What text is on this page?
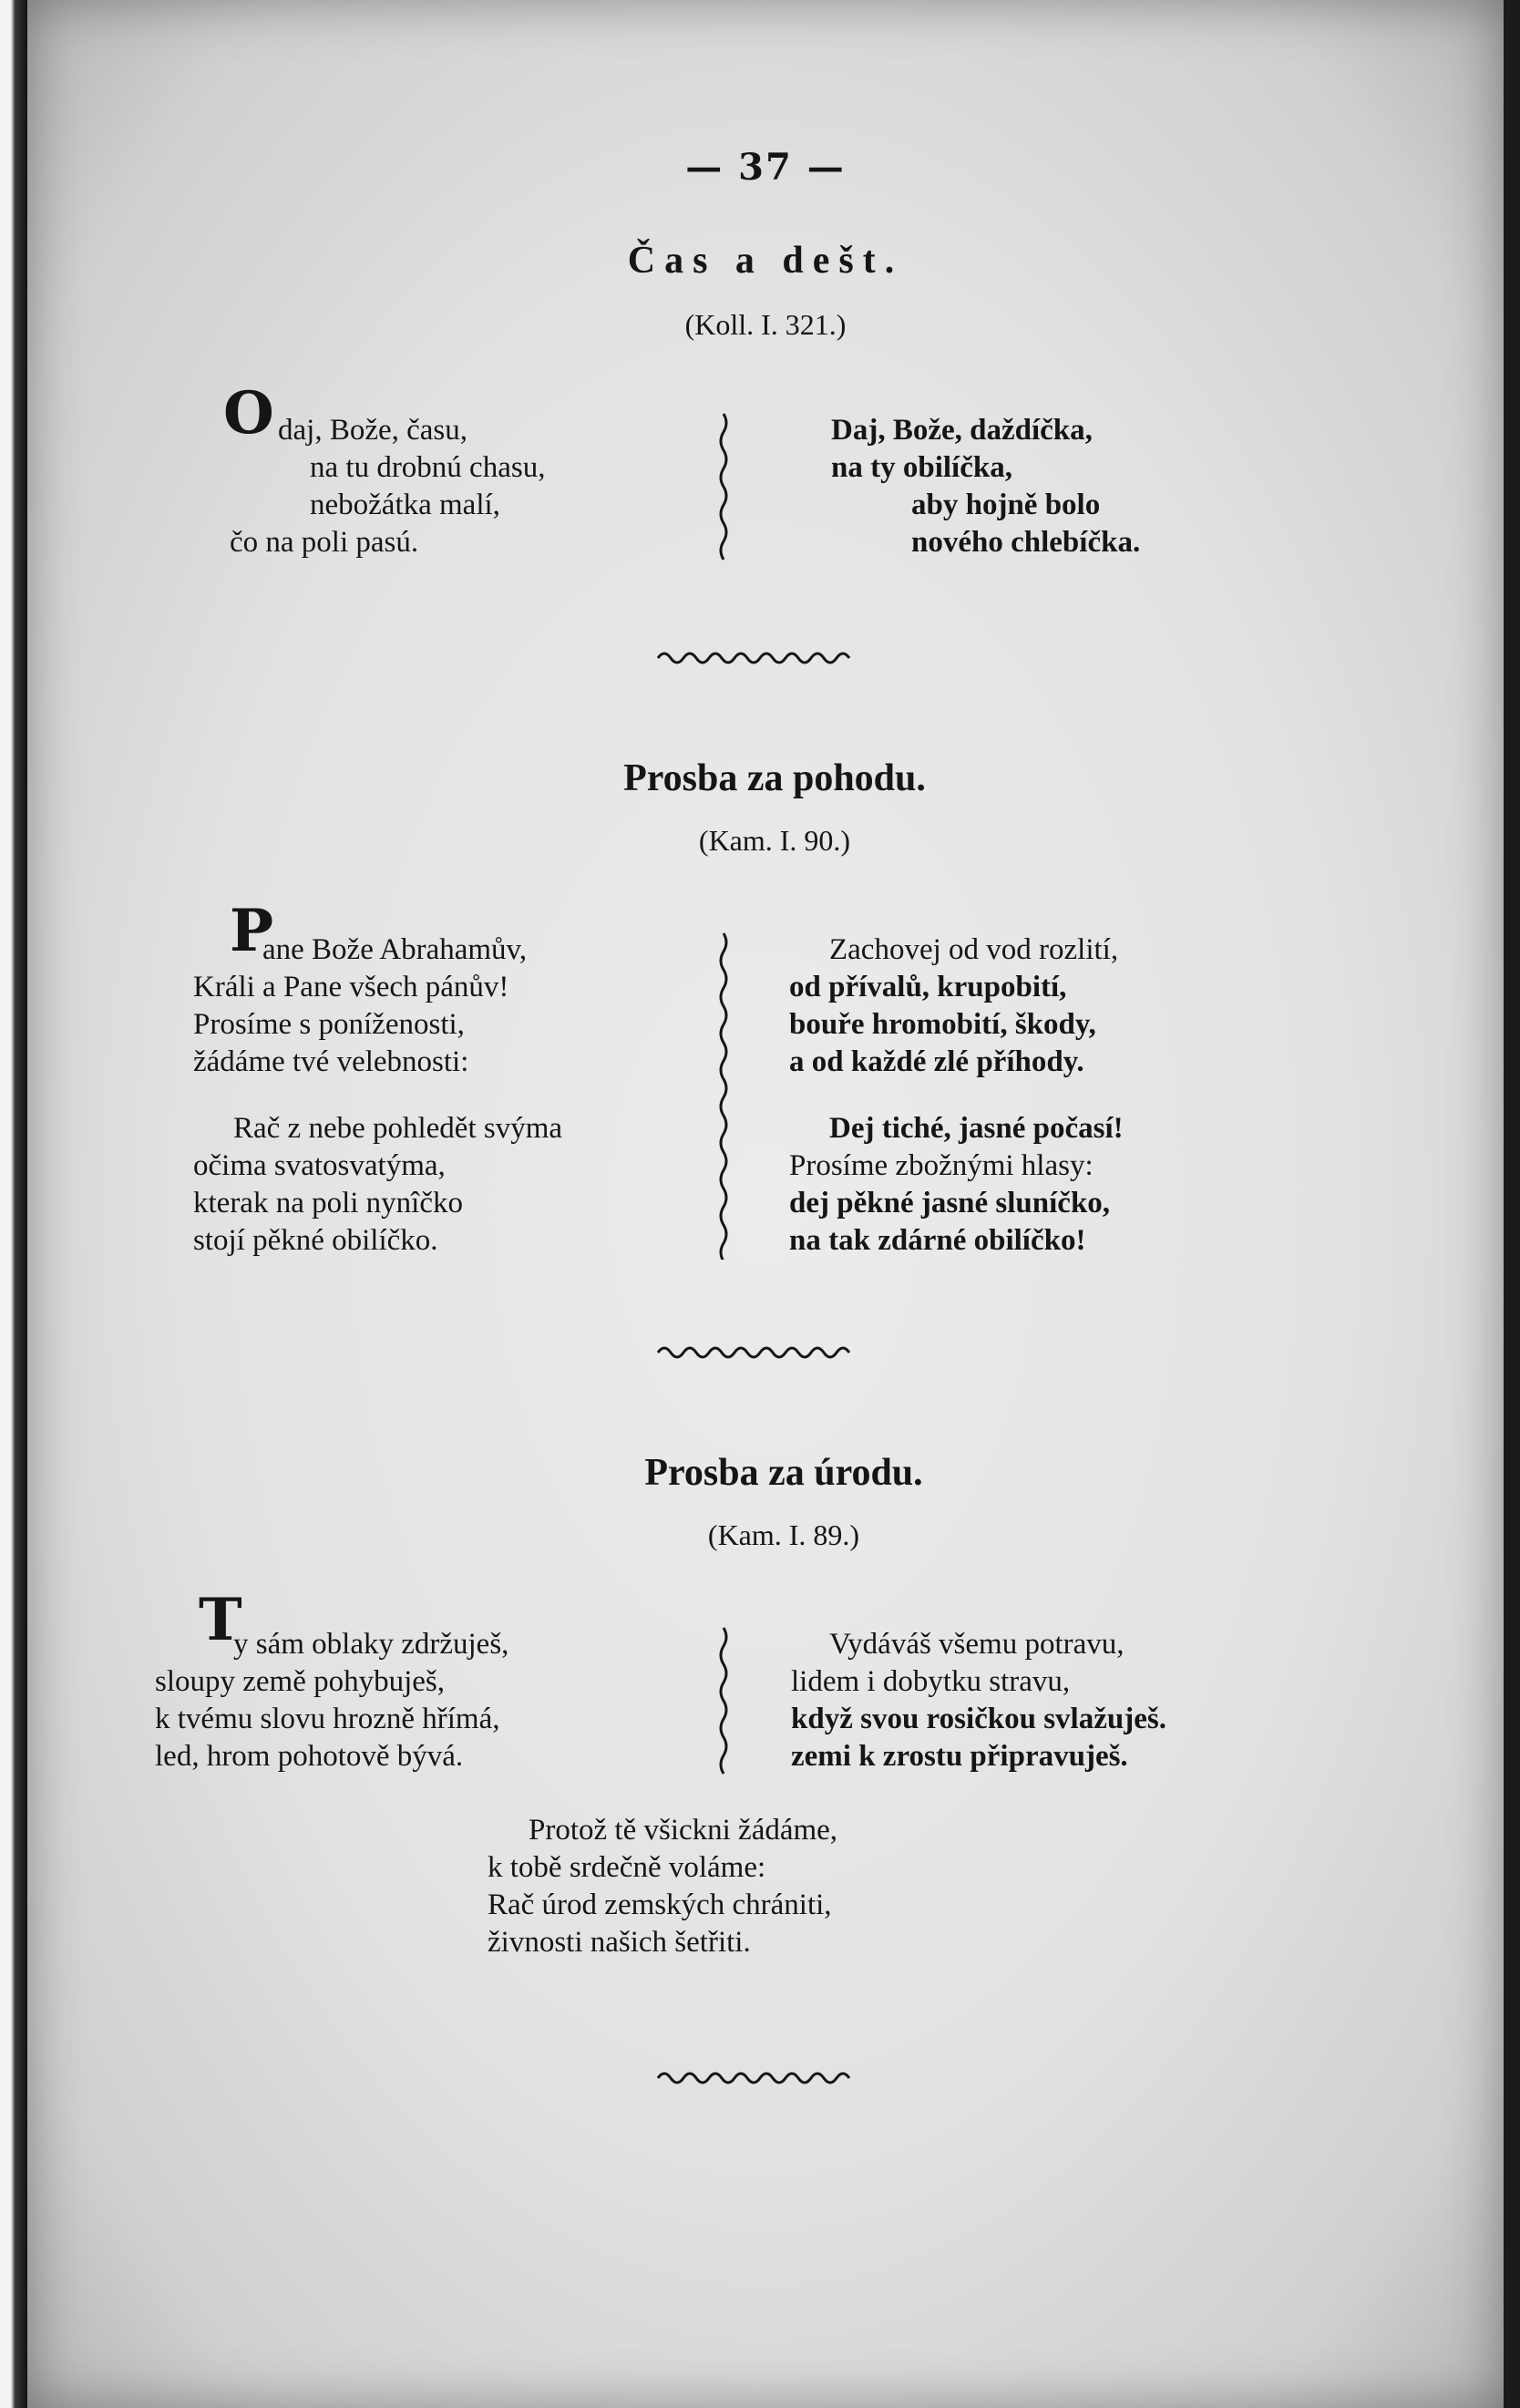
— 37 —
Čas a dešt.
(Koll. I. 321.)
O daj, Bože, času,
na tu drobnú chasu,
nebožátka malí,
čo na poli pasú.
Daj, Bože, daždíčka,
na ty obilíčka,
aby hojně bolo
nového chlebíčka.
Prosba za pohodu.
(Kam. I. 90.)
P
ane Bože Abrahamův,
Králi a Pane všech pánův!
Prosíme s poníženosti,
žádáme tvé velebnosti:
Rač z nebe pohledět svýma
očima svatosvatýma,
kterak na poli nynîčko
stojí pěkné obilíčko.
Zachovej od vod rozlití,
od přívalů, krupobití,
bouře hromobití, škody,
a od každé zlé příhody.
Dej tiché, jasné počasí!
Prosíme zbožnými hlasy:
dej pěkné jasné sluníčko,
na tak zdárné obilíčko!
Prosba za úrodu.
(Kam. I. 89.)
T
y sám oblaky zdržuješ,
sloupy země pohybuješ,
k tvému slovu hrozně hřímá,
led, hrom pohotově bývá.
Vydáváš všemu potravu,
lidem i dobytku stravu,
když svou rosičkou svlažuješ.
zemi k zrostu připravuješ.
Protož tě všickni žádáme,
k tobě srdečně voláme:
Rač úrod zemských chrániti,
živnosti našich šetřiti.
